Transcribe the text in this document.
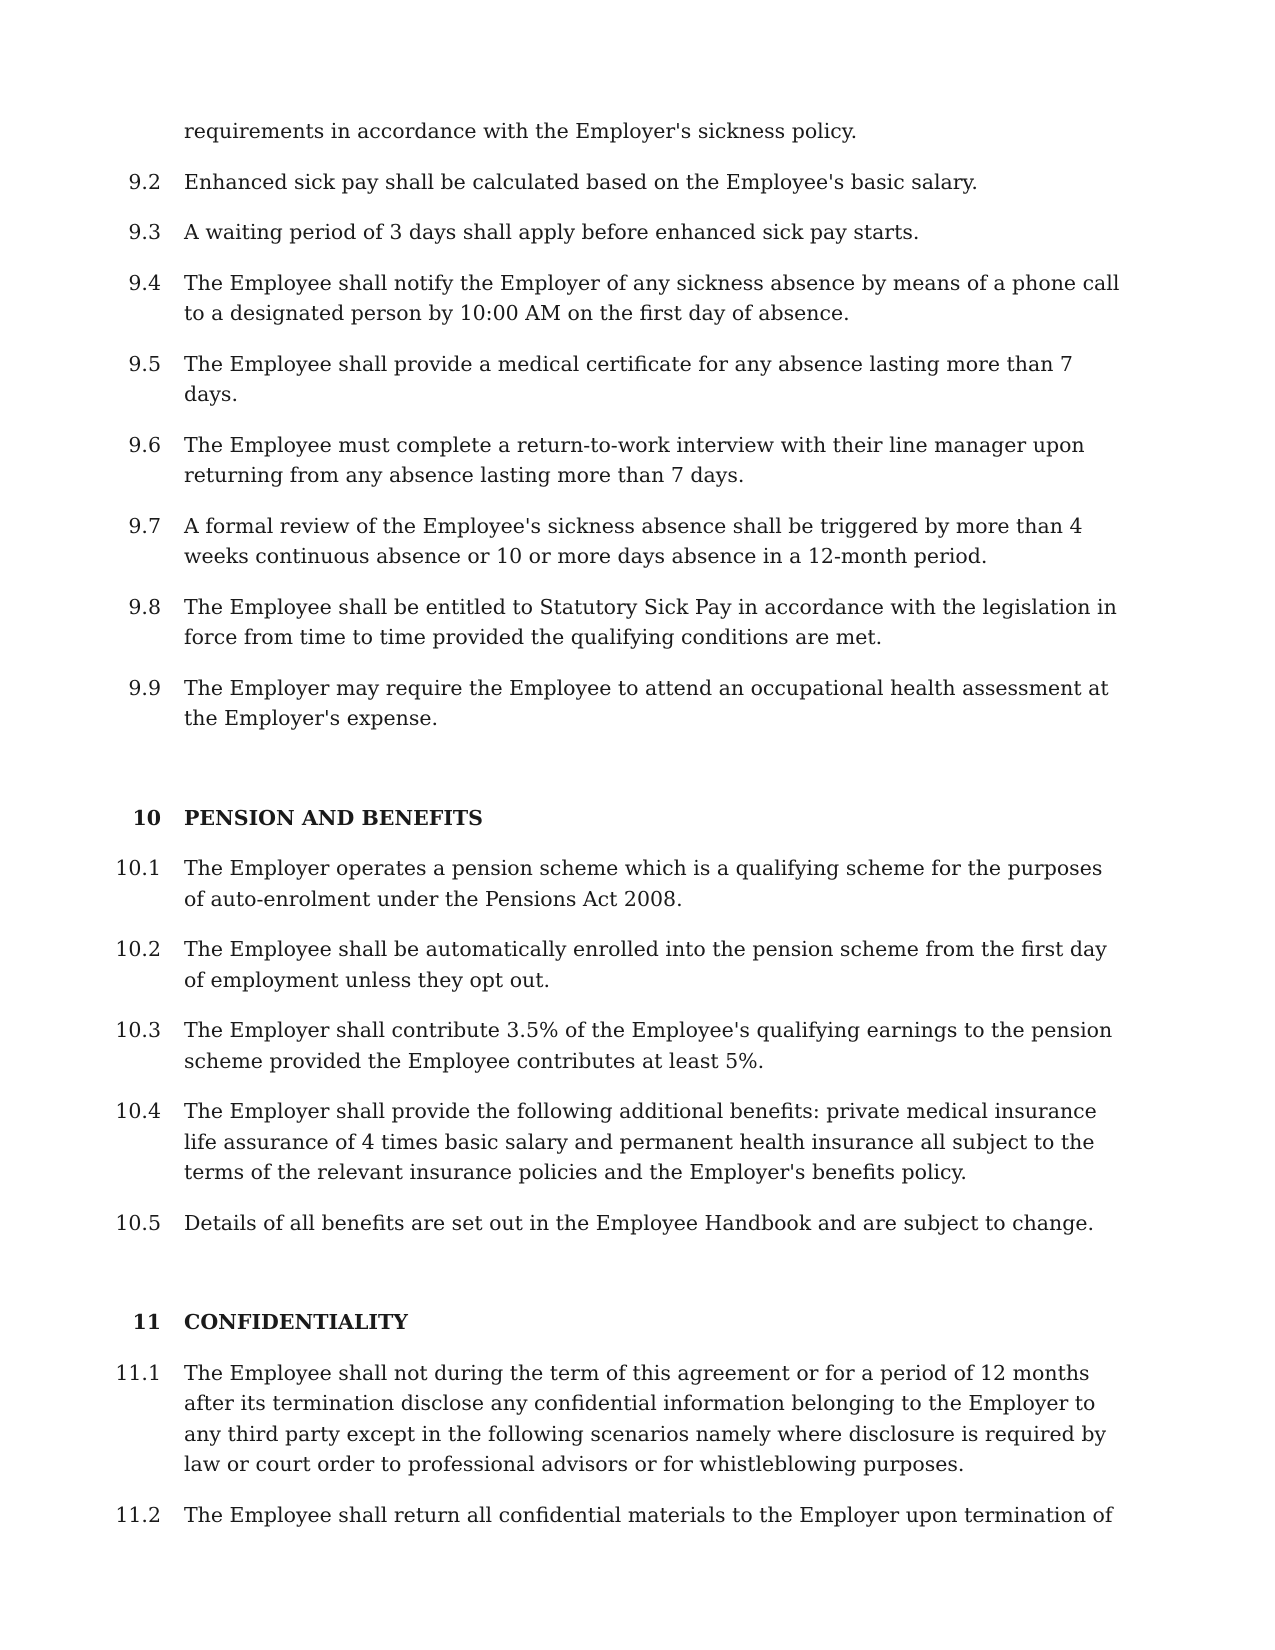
requirements in accordance with the Employer's sickness policy.
9.2	Enhanced sick pay shall be calculated based on the Employee's basic salary.
9.3	A waiting period of 3 days shall apply before enhanced sick pay starts.
9.4	The Employee shall notify the Employer of any sickness absence by means of a phone call to a designated person by 10:00 AM on the first day of absence.
9.5	The Employee shall provide a medical certificate for any absence lasting more than 7 days.
9.6	The Employee must complete a return-to-work interview with their line manager upon returning from any absence lasting more than 7 days.
9.7	A formal review of the Employee's sickness absence shall be triggered by more than 4 weeks continuous absence or 10 or more days absence in a 12-month period.
9.8	The Employee shall be entitled to Statutory Sick Pay in accordance with the legislation in force from time to time provided the qualifying conditions are met.
9.9	The Employer may require the Employee to attend an occupational health assessment at the Employer's expense.
10	PENSION AND BENEFITS
10.1	The Employer operates a pension scheme which is a qualifying scheme for the purposes of auto-enrolment under the Pensions Act 2008.
10.2	The Employee shall be automatically enrolled into the pension scheme from the first day of employment unless they opt out.
10.3	The Employer shall contribute 3.5% of the Employee's qualifying earnings to the pension scheme provided the Employee contributes at least 5%.
10.4	The Employer shall provide the following additional benefits: private medical insurance life assurance of 4 times basic salary and permanent health insurance all subject to the terms of the relevant insurance policies and the Employer's benefits policy.
10.5	Details of all benefits are set out in the Employee Handbook and are subject to change.
11	CONFIDENTIALITY
11.1	The Employee shall not during the term of this agreement or for a period of 12 months after its termination disclose any confidential information belonging to the Employer to any third party except in the following scenarios namely where disclosure is required by law or court order to professional advisors or for whistleblowing purposes.
11.2	The Employee shall return all confidential materials to the Employer upon termination of
